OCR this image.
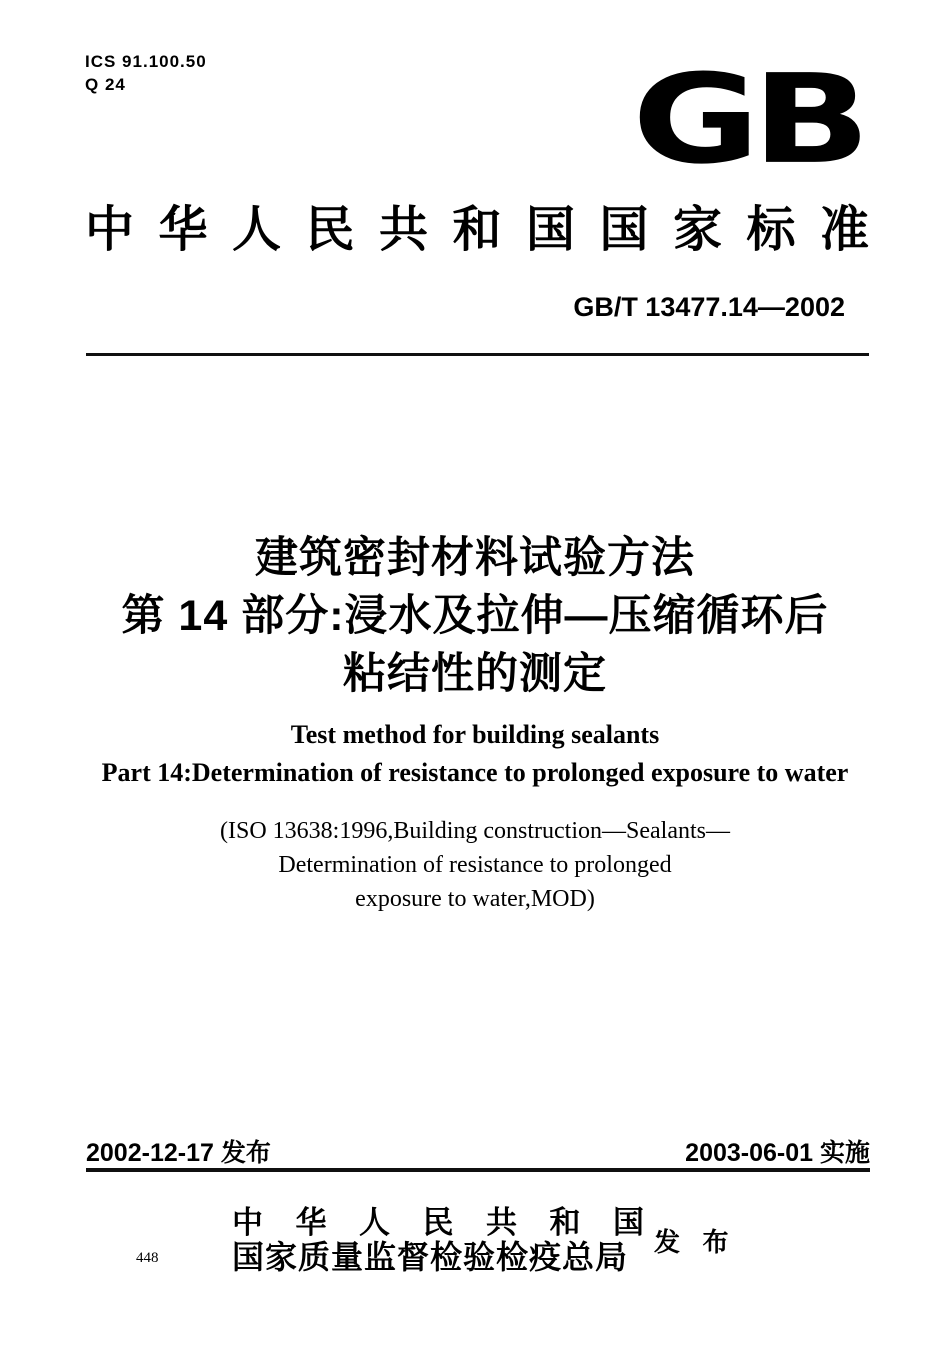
ICS 91.100.50
Q 24	GB
中华人民共和国国家标准
GB/T 13477.14—2002
建筑密封材料试验方法
第 14 部分:浸水及拉伸—压缩循环后
粘结性的测定
Test method for building sealants
Part 14:Determination of resistance to prolonged exposure to water
(ISO 13638:1996,Building construction—Sealants—
Determination of resistance to prolonged
exposure to water,MOD)
2002-12-17 发布	2003-06-01 实施
中 华 人 民 共 和 国
国家质量监督检验检疫总局 发 布
448
